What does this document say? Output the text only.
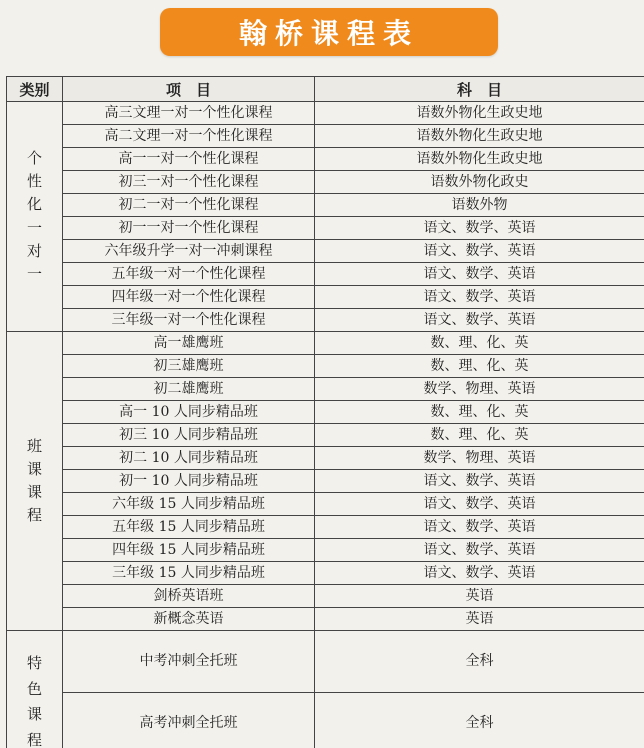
翰桥课程表
类别	项　目	科　目
个性化一对一	高三文理一对一个性化课程	语数外物化生政史地
	高二文理一对一个性化课程	语数外物化生政史地
	高一一对一个性化课程	语数外物化生政史地
	初三一对一个性化课程	语数外物化政史
	初二一对一个性化课程	语数外物
	初一一对一个性化课程	语文、数学、英语
	六年级升学一对一冲刺课程	语文、数学、英语
	五年级一对一个性化课程	语文、数学、英语
	四年级一对一个性化课程	语文、数学、英语
	三年级一对一个性化课程	语文、数学、英语
班课课程	高一雄鹰班	数、理、化、英
	初三雄鹰班	数、理、化、英
	初二雄鹰班	数学、物理、英语
	高一 10 人同步精品班	数、理、化、英
	初三 10 人同步精品班	数、理、化、英
	初二 10 人同步精品班	数学、物理、英语
	初一 10 人同步精品班	语文、数学、英语
	六年级 15 人同步精品班	语文、数学、英语
	五年级 15 人同步精品班	语文、数学、英语
	四年级 15 人同步精品班	语文、数学、英语
	三年级 15 人同步精品班	语文、数学、英语
	剑桥英语班	英语
	新概念英语	英语
特色课程	中考冲刺全托班	全科
	高考冲刺全托班	全科
